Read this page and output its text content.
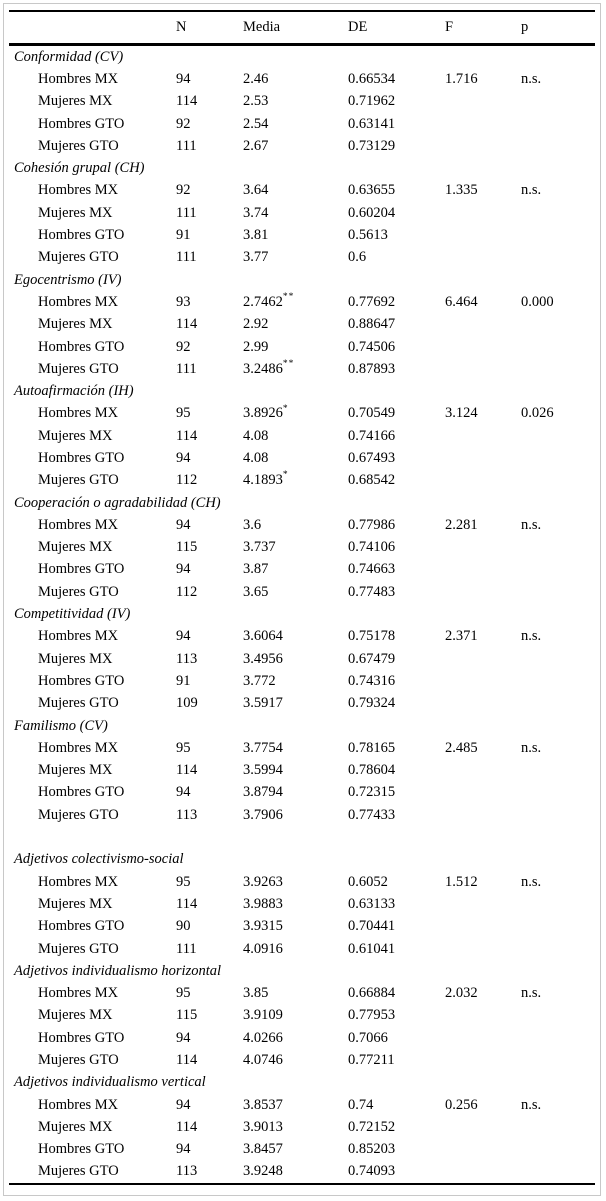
	N	Media	DE	F	p
Conformidad (CV)					
Hombres MX	94	2.46	0.66534	1.716	n.s.
Mujeres MX	114	2.53	0.71962		
Hombres GTO	92	2.54	0.63141		
Mujeres GTO	111	2.67	0.73129		
Cohesión grupal (CH)					
Hombres MX	92	3.64	0.63655	1.335	n.s.
Mujeres MX	111	3.74	0.60204		
Hombres GTO	91	3.81	0.5613		
Mujeres GTO	111	3.77	0.6		
Egocentrismo (IV)					
Hombres MX	93	2.7462**	0.77692	6.464	0.000
Mujeres MX	114	2.92	0.88647		
Hombres GTO	92	2.99	0.74506		
Mujeres GTO	111	3.2486**	0.87893		
Autoafirmación (IH)					
Hombres MX	95	3.8926*	0.70549	3.124	0.026
Mujeres MX	114	4.08	0.74166		
Hombres GTO	94	4.08	0.67493		
Mujeres GTO	112	4.1893*	0.68542		
Cooperación o agradabilidad (CH)					
Hombres MX	94	3.6	0.77986	2.281	n.s.
Mujeres MX	115	3.737	0.74106		
Hombres GTO	94	3.87	0.74663		
Mujeres GTO	112	3.65	0.77483		
Competitividad (IV)					
Hombres MX	94	3.6064	0.75178	2.371	n.s.
Mujeres MX	113	3.4956	0.67479		
Hombres GTO	91	3.772	0.74316		
Mujeres GTO	109	3.5917	0.79324		
Familismo (CV)					
Hombres MX	95	3.7754	0.78165	2.485	n.s.
Mujeres MX	114	3.5994	0.78604		
Hombres GTO	94	3.8794	0.72315		
Mujeres GTO	113	3.7906	0.77433		

Adjetivos colectivismo-social					
Hombres MX	95	3.9263	0.6052	1.512	n.s.
Mujeres MX	114	3.9883	0.63133		
Hombres GTO	90	3.9315	0.70441		
Mujeres GTO	111	4.0916	0.61041		
Adjetivos individualismo horizontal					
Hombres MX	95	3.85	0.66884	2.032	n.s.
Mujeres MX	115	3.9109	0.77953		
Hombres GTO	94	4.0266	0.7066		
Mujeres GTO	114	4.0746	0.77211		
Adjetivos individualismo vertical					
Hombres MX	94	3.8537	0.74	0.256	n.s.
Mujeres MX	114	3.9013	0.72152		
Hombres GTO	94	3.8457	0.85203		
Mujeres GTO	113	3.9248	0.74093		
